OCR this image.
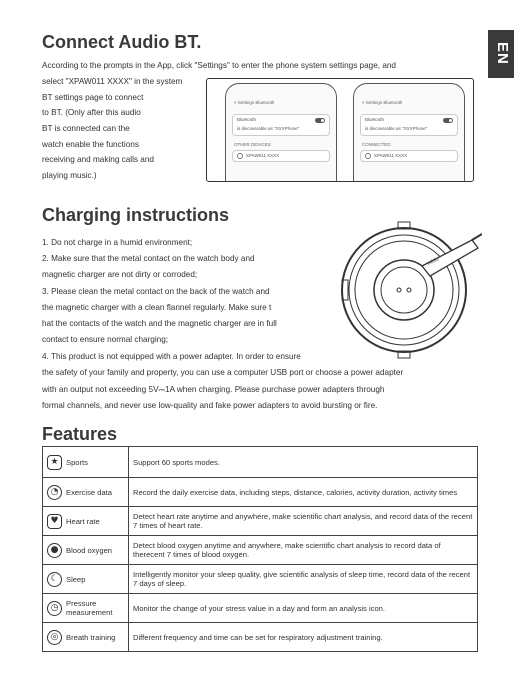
EN
Connect Audio BT.
According to the prompts in the App, click "Settings" to enter the phone system settings page, and
select "XPAW011 XXXX" in the system
BT settings page to connect
to BT. (Only after this audio
BT is connected can the
watch enable the functions
receiving and making calls and
playing music.)
< Settings Bluetooth
Bluetooth
is discoverable as "XXXPhone"
OTHER DEVICES
XPAW011 XXXX
< Settings Bluetooth
Bluetooth
is discoverable as "XXXPhone"
CONNECTED
XPAW011 XXXX
Charging instructions
1. Do not charge in a humid environment;
2. Make sure that the metal contact on the watch body and
magnetic charger are not dirty or corroded;
3. Please clean the metal contact on the back of the watch and
the magnetic charger with a clean flannel regularly. Make sure t
hat the contacts of the watch and the magnetic charger are in full
contact to ensure normal charging;
4. This product is not equipped with a power adapter. In order to ensure
the safety of your family and property, you can use a computer USB port or choose a power adapter
with an output not exceeding 5V⎓1A when charging. Please purchase power adapters through
formal channels, and never use low-quality and fake power adapters to avoid bursting or fire.
mibfo
Features
★ Sports	Support 60 sports modes.
◔ Exercise data	Record the daily exercise data, including steps, distance, calories, activity duration, activity times
♥ Heart rate	Detect heart rate anytime and anywhere, make scientific chart analysis, and record data of the recent 7 times of heart rate.
● Blood oxygen	Detect blood oxygen anytime and anywhere, make scientific chart analysis to record data of therecent 7 times of blood oxygen.
☾ Sleep	Intelligently monitor your sleep quality, give scientific analysis of sleep time, record data of the recent 7 days of sleep.
◷ Pressure measurement	Monitor the change of your stress value in a day and form an analysis icon.
◎ Breath training	Different frequency and time can be set for respiratory adjustment training.
